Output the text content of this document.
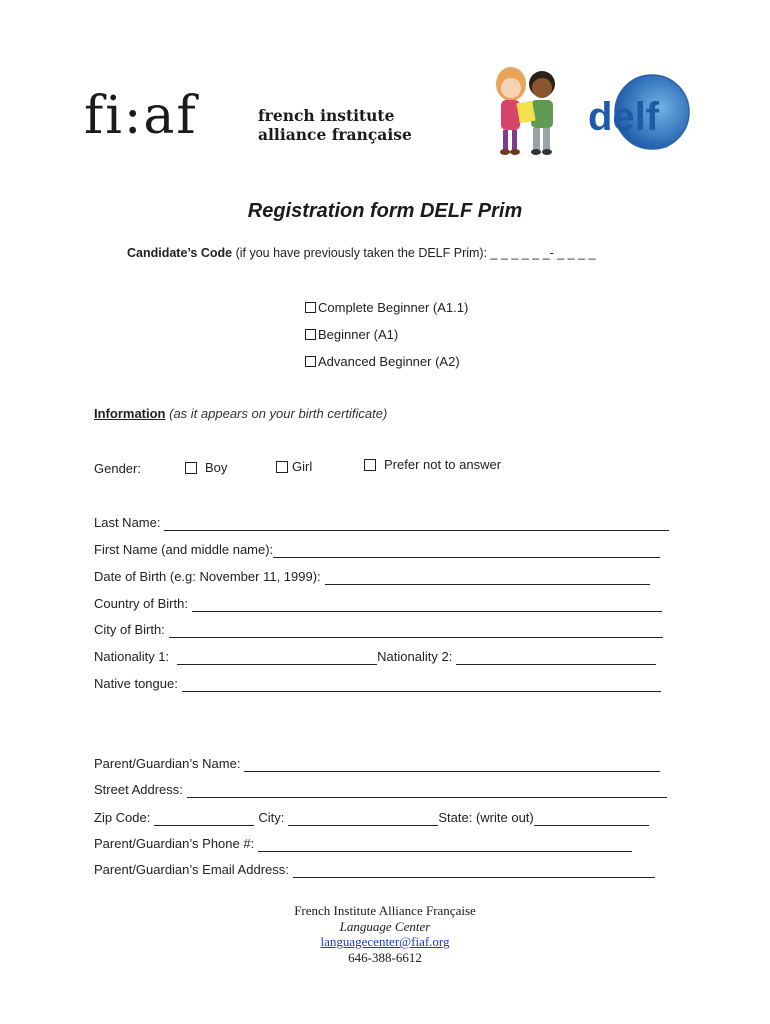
fi:af	french institute
alliance française	delf
PRIM
Registration form DELF Prim
Candidate’s Code (if you have previously taken the DELF Prim): _ _ _ _ _ _- _ _ _ _
Complete Beginner (A1.1)
Beginner (A1)
Advanced Beginner (A2)
Information (as it appears on your birth certificate)
Gender:	Boy	Girl	Prefer not to answer
Last Name:
First Name (and middle name):
Date of Birth (e.g: November 11, 1999):
Country of Birth:
City of Birth:
Nationality 1:	Nationality 2:
Native tongue:
Parent/Guardian’s Name:
Street Address:
Zip Code:	City:	State: (write out)
Parent/Guardian’s Phone #:
Parent/Guardian’s Email Address:
French Institute Alliance Française
Language Center
languagecenter@fiaf.org
646-388-6612
